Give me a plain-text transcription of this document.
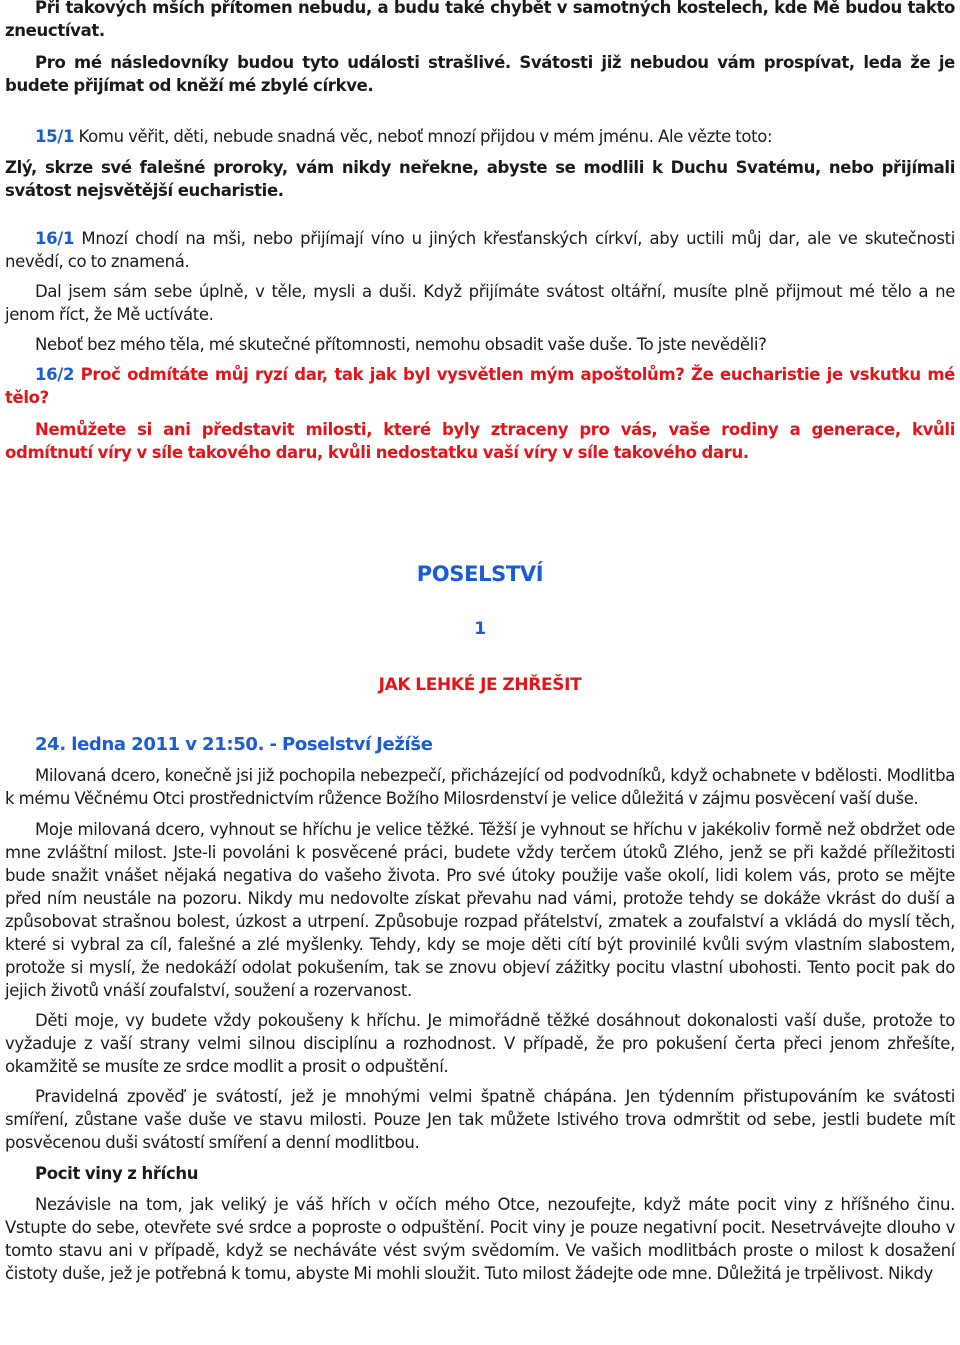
Při takových mších přítomen nebudu, a budu také chybět v samotných kostelech, kde Mě budou takto zneuctívat.

Pro mé následovníky budou tyto události strašlivé. Svátosti již nebudou vám prospívat, leda že je budete přijímat od kněží mé zbylé církve.

15/1 Komu věřit, děti, nebude snadná věc, neboť mnozí přijdou v mém jménu. Ale vězte toto:

Zlý, skrze své falešné proroky, vám nikdy neřekne, abyste se modlili k Duchu Svatému, nebo přijímali svátost nejsvětější eucharistie.

16/1 Mnozí chodí na mši, nebo přijímají víno u jiných křesťanských církví, aby uctili můj dar, ale ve skutečnosti nevědí, co to znamená.

Dal jsem sám sebe úplně, v těle, mysli a duši. Když přijímáte svátost oltářní, musíte plně přijmout mé tělo a ne jenom říct, že Mě uctíváte.

Neboť bez mého těla, mé skutečné přítomnosti, nemohu obsadit vaše duše. To jste nevěděli?

16/2 Proč odmítáte můj ryzí dar, tak jak byl vysvětlen mým apoštolům? Že eucharistie je vskutku mé tělo?

Nemůžete si ani představit milosti, které byly ztraceny pro vás, vaše rodiny a generace, kvůli odmítnutí víry v síle takového daru, kvůli nedostatku vaší víry v síle takového daru.

POSELSTVÍ

1

JAK LEHKÉ JE ZHŘEŠIT

24. ledna 2011 v 21:50. - Poselství Ježíše

Milovaná dcero, konečně jsi již pochopila nebezpečí, přicházející od podvodníků, když ochabnete v bdělosti. Modlitba k mému Věčnému Otci prostřednictvím růžence Božího Milosrdenství je velice důležitá v zájmu posvěcení vaší duše.

Moje milovaná dcero, vyhnout se hříchu je velice těžké. Těžší je vyhnout se hříchu v jakékoliv formě než obdržet ode mne zvláštní milost. Jste-li povoláni k posvěcené práci, budete vždy terčem útoků Zlého, jenž se při každé příležitosti bude snažit vnášet nějaká negativa do vašeho života. Pro své útoky použije vaše okolí, lidi kolem vás, proto se mějte před ním neustále na pozoru. Nikdy mu nedovolte získat převahu nad vámi, protože tehdy se dokáže vkrást do duší a způsobovat strašnou bolest, úzkost a utrpení. Způsobuje rozpad přátelství, zmatek a zoufalství a vkládá do myslí těch, které si vybral za cíl, falešné a zlé myšlenky. Tehdy, kdy se moje děti cítí být provinilé kvůli svým vlastním slabostem, protože si myslí, že nedokáží odolat pokušením, tak se znovu objeví zážitky pocitu vlastní ubohosti. Tento pocit pak do jejich životů vnáší zoufalství, soužení a rozervanost.

Děti moje, vy budete vždy pokoušeny k hříchu. Je mimořádně těžké dosáhnout dokonalosti vaší duše, protože to vyžaduje z vaší strany velmi silnou disciplínu a rozhodnost. V případě, že pro pokušení čerta přeci jenom zhřešíte, okamžitě se musíte ze srdce modlit a prosit o odpuštění.

Pravidelná zpověď je svátostí, jež je mnohými velmi špatně chápána. Jen týdenním přistupováním ke svátosti smíření, zůstane vaše duše ve stavu milosti. Pouze Jen tak můžete lstivého trova odmrštit od sebe, jestli budete mít posvěcenou duši svátostí smíření a denní modlitbou.

Pocit viny z hříchu

Nezávisle na tom, jak veliký je váš hřích v očích mého Otce, nezoufejte, když máte pocit viny z hříšného činu. Vstupte do sebe, otevřete své srdce a poproste o odpuštění. Pocit viny je pouze negativní pocit. Nesetrvávejte dlouho v tomto stavu ani v případě, když se necháváte vést svým svědomím. Ve vašich modlitbách proste o milost k dosažení čistoty duše, jež je potřebná k tomu, abyste Mi mohli sloužit. Tuto milost žádejte ode mne. Důležitá je trpělivost. Nikdy
